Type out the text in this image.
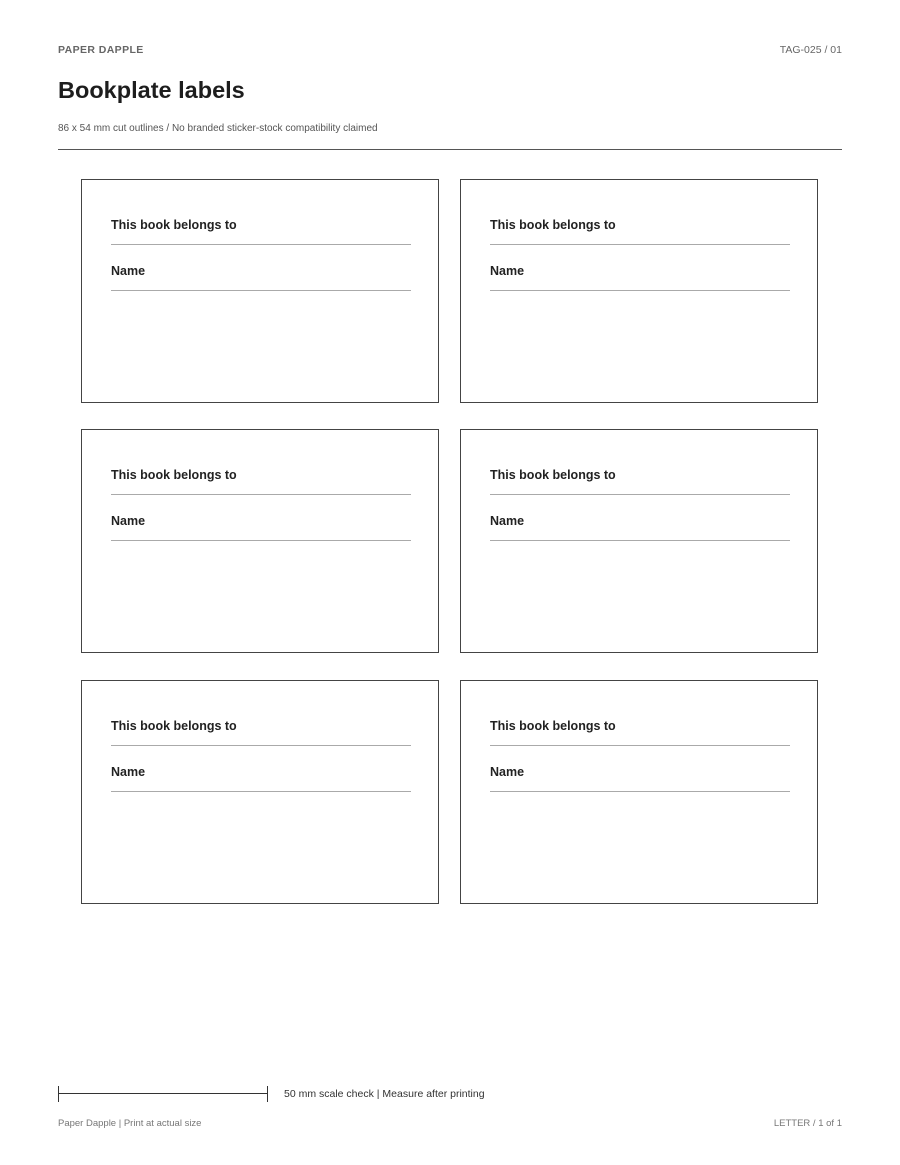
PAPER DAPPLE	TAG-025 / 01
Bookplate labels
86 x 54 mm cut outlines / No branded sticker-stock compatibility claimed
This book belongs to
Name
This book belongs to
Name
This book belongs to
Name
This book belongs to
Name
This book belongs to
Name
This book belongs to
Name
50 mm scale check | Measure after printing
Paper Dapple | Print at actual size	LETTER / 1 of 1
